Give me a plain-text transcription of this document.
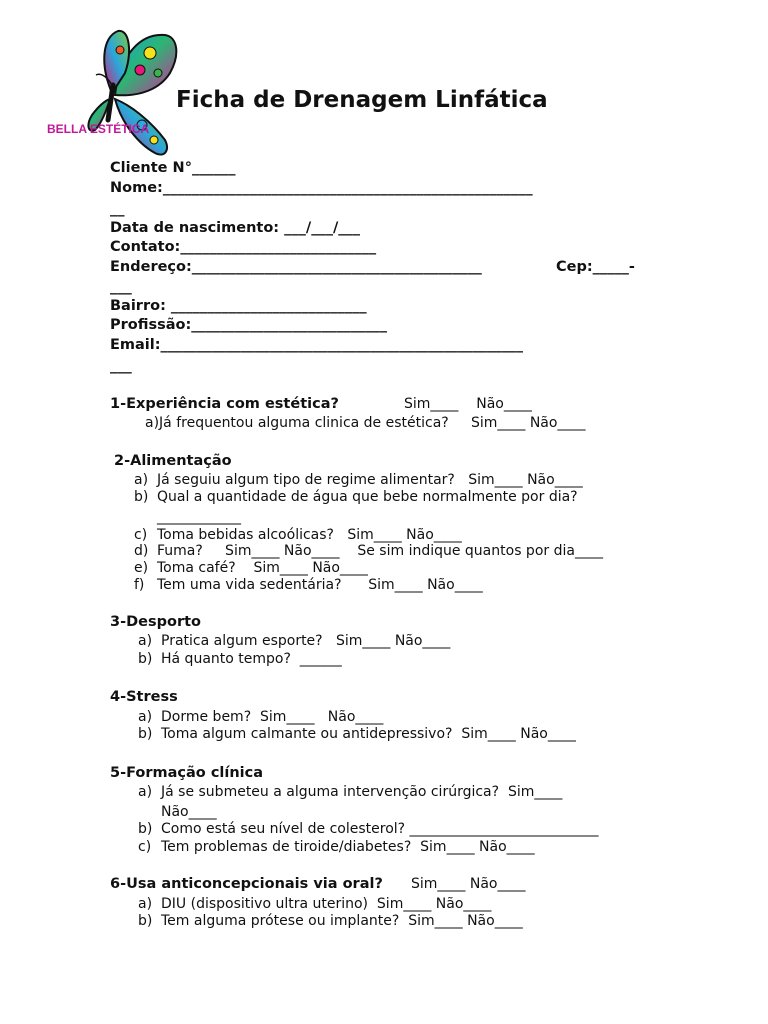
BELLA ESTÉTICA
Ficha de Drenagem Linfática
Cliente N°______
Nome:___________________________________________________
__
Data de nascimento: ___/___/___
Contato:___________________________
Endereço:________________________________________	Cep:_____-
___
Bairro: ___________________________
Profissão:___________________________
Email:__________________________________________________
___
1-Experiência com estética?	Sim____    Não____
a)Já frequentou alguma clinica de estética?     Sim____ Não____
2-Alimentação
a) Já seguiu algum tipo de regime alimentar?   Sim____ Não____
b) Qual a quantidade de água que bebe normalmente por dia?
____________
c) Toma bebidas alcoólicas?   Sim____ Não____
d) Fuma?     Sim____ Não____    Se sim indique quantos por dia____
e) Toma café?    Sim____ Não____
f) Tem uma vida sedentária?      Sim____ Não____
3-Desporto
a) Pratica algum esporte?   Sim____ Não____
b) Há quanto tempo?  ______
4-Stress
a) Dorme bem?  Sim____   Não____
b) Toma algum calmante ou antidepressivo?  Sim____ Não____
5-Formação clínica
a) Já se submeteu a alguma intervenção cirúrgica?  Sim____
Não____
b) Como está seu nível de colesterol? ___________________________
c) Tem problemas de tiroide/diabetes?  Sim____ Não____
6-Usa anticoncepcionais via oral? Sim____ Não____
a) DIU (dispositivo ultra uterino)  Sim____ Não____
b) Tem alguma prótese ou implante?  Sim____ Não____
